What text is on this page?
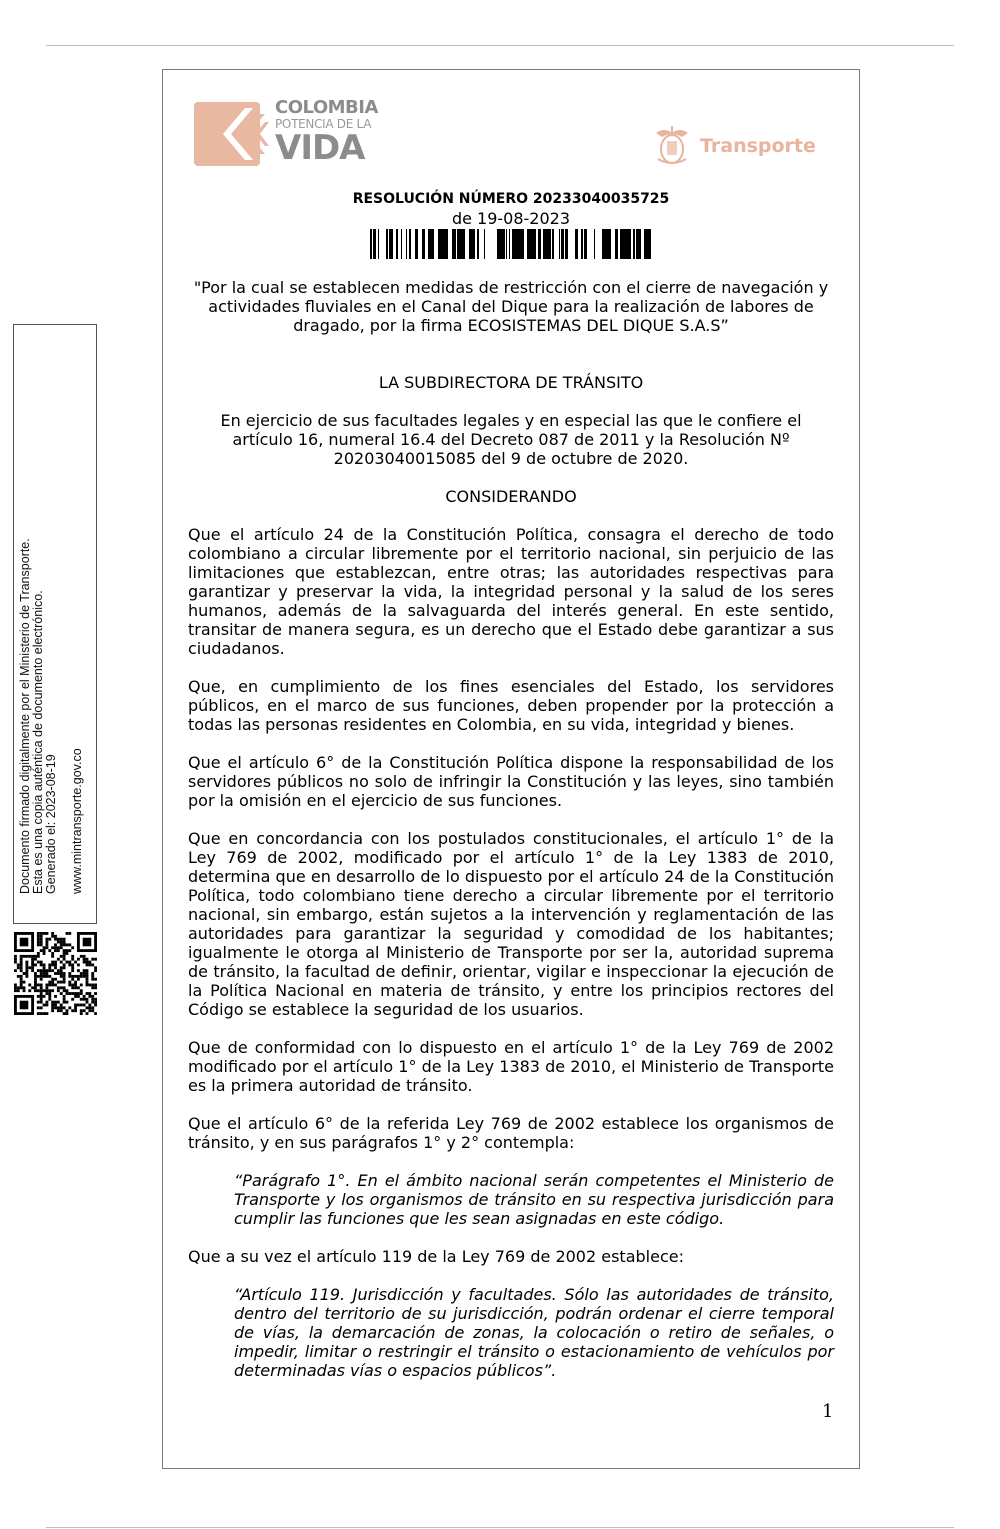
COLOMBIA
POTENCIA DE LA
VIDA	Transporte
RESOLUCIÓN NÚMERO 20233040035725
de 19-08-2023

"Por la cual se establecen medidas de restricción con el cierre de navegación y actividades fluviales en el Canal del Dique para la realización de labores de dragado, por la firma ECOSISTEMAS DEL DIQUE S.A.S”

LA SUBDIRECTORA DE TRÁNSITO

En ejercicio de sus facultades legales y en especial las que le confiere el artículo 16, numeral 16.4 del Decreto 087 de 2011 y la Resolución Nº 20203040015085 del 9 de octubre de 2020.

CONSIDERANDO

Que el artículo 24 de la Constitución Política, consagra el derecho de todo colombiano a circular libremente por el territorio nacional, sin perjuicio de las limitaciones que establezcan, entre otras; las autoridades respectivas para garantizar y preservar la vida, la integridad personal y la salud de los seres humanos, además de la salvaguarda del interés general. En este sentido, transitar de manera segura, es un derecho que el Estado debe garantizar a sus ciudadanos.

Que, en cumplimiento de los fines esenciales del Estado, los servidores públicos, en el marco de sus funciones, deben propender por la protección a todas las personas residentes en Colombia, en su vida, integridad y bienes.

Que el artículo 6° de la Constitución Política dispone la responsabilidad de los servidores públicos no solo de infringir la Constitución y las leyes, sino también por la omisión en el ejercicio de sus funciones.

Que en concordancia con los postulados constitucionales, el artículo 1° de la Ley 769 de 2002, modificado por el artículo 1° de la Ley 1383 de 2010, determina que en desarrollo de lo dispuesto por el artículo 24 de la Constitución Política, todo colombiano tiene derecho a circular libremente por el territorio nacional, sin embargo, están sujetos a la intervención y reglamentación de las autoridades para garantizar la seguridad y comodidad de los habitantes; igualmente le otorga al Ministerio de Transporte por ser la, autoridad suprema de tránsito, la facultad de definir, orientar, vigilar e inspeccionar la ejecución de la Política Nacional en materia de tránsito, y entre los principios rectores del Código se establece la seguridad de los usuarios.

Que de conformidad con lo dispuesto en el artículo 1° de la Ley 769 de 2002 modificado por el artículo 1° de la Ley 1383 de 2010, el Ministerio de Transporte es la primera autoridad de tránsito.

Que el artículo 6° de la referida Ley 769 de 2002 establece los organismos de tránsito, y en sus parágrafos 1° y 2° contempla:

“Parágrafo 1°. En el ámbito nacional serán competentes el Ministerio de Transporte y los organismos de tránsito en su respectiva jurisdicción para cumplir las funciones que les sean asignadas en este código.

Que a su vez el artículo 119 de la Ley 769 de 2002 establece:

“Artículo 119. Jurisdicción y facultades. Sólo las autoridades de tránsito, dentro del territorio de su jurisdicción, podrán ordenar el cierre temporal de vías, la demarcación de zonas, la colocación o retiro de señales, o impedir, limitar o restringir el tránsito o estacionamiento de vehículos por determinadas vías o espacios públicos”.

1
Documento firmado digitalmente por el Ministerio de Transporte. Esta es una copia auténtica de documento electrónico. Generado el: 2023-08-19 www.mintransporte.gov.co
